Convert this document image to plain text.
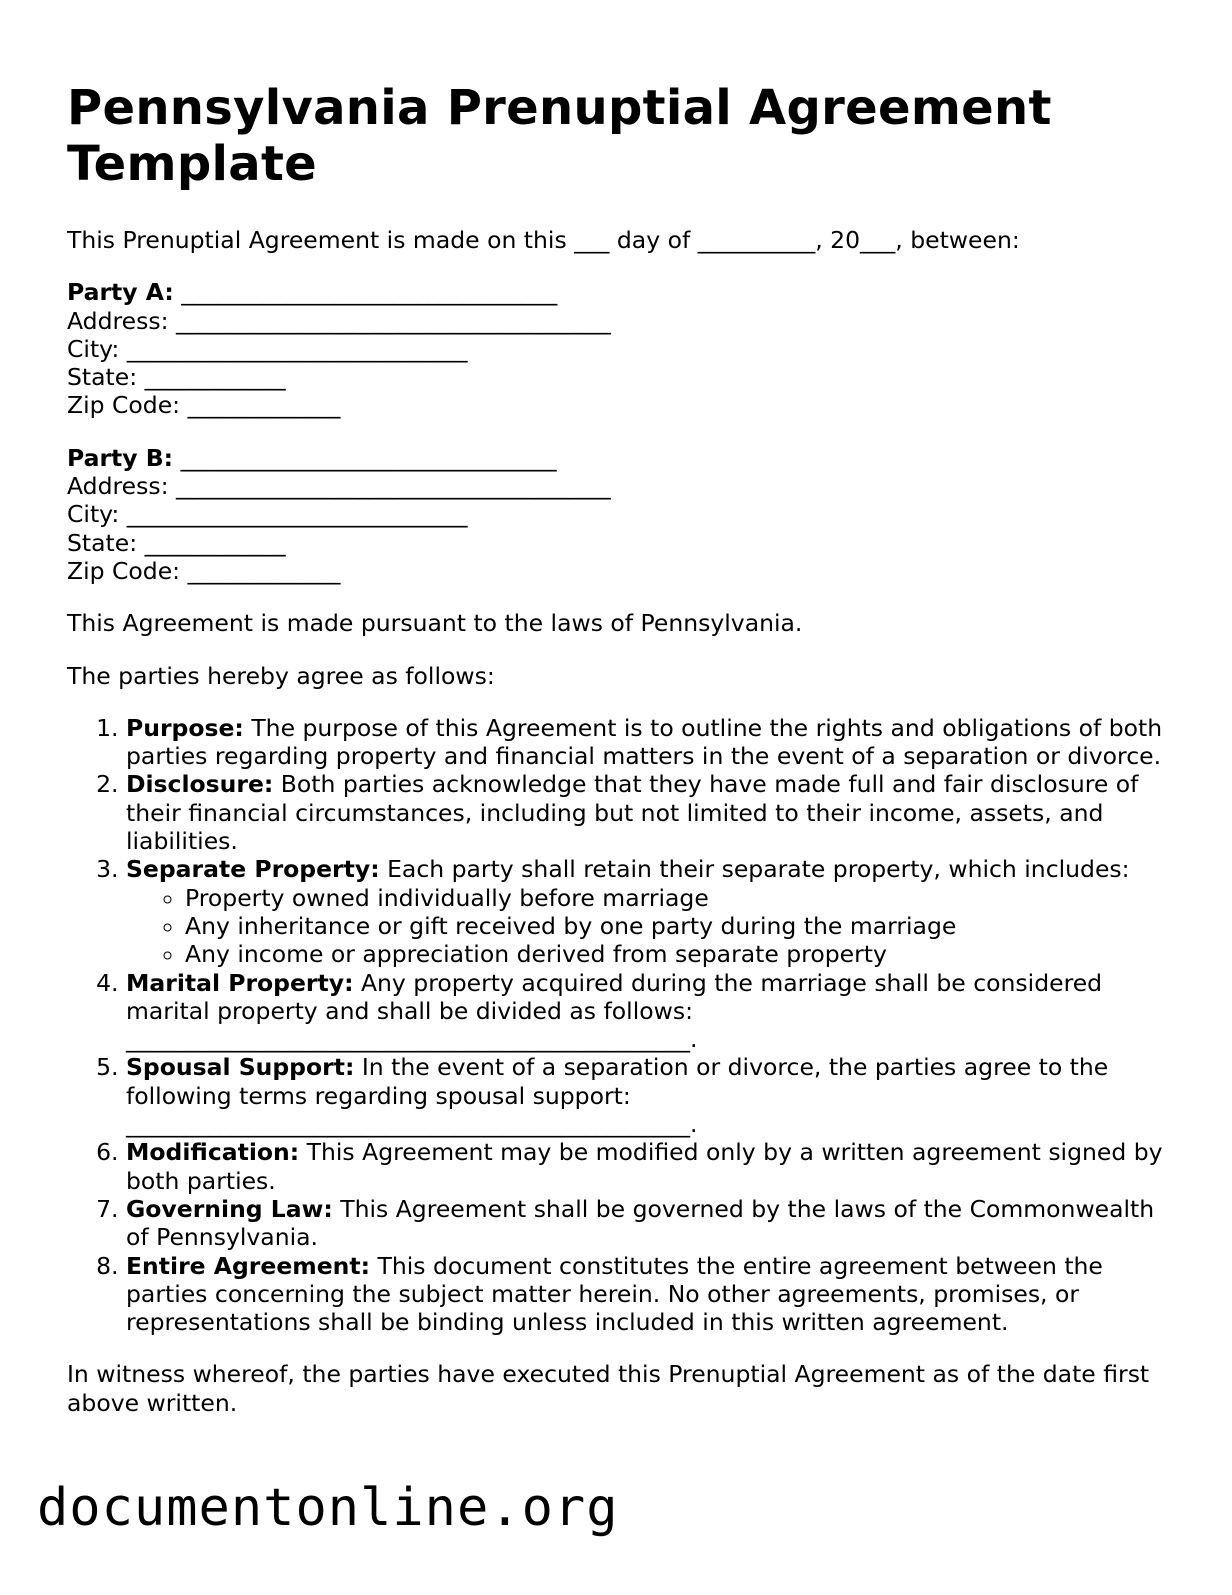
Pennsylvania Prenuptial Agreement Template

This Prenuptial Agreement is made on this ___ day of __________, 20___, between:

Party A: ________________________________
Address: _____________________________________
City: _____________________________
State: ____________
Zip Code: _____________
Party B: ________________________________
Address: _____________________________________
City: _____________________________
State: ____________
Zip Code: _____________

This Agreement is made pursuant to the laws of Pennsylvania.

The parties hereby agree as follows:

1. Purpose: The purpose of this Agreement is to outline the rights and obligations of both parties regarding property and financial matters in the event of a separation or divorce.
2. Disclosure: Both parties acknowledge that they have made full and fair disclosure of their financial circumstances, including but not limited to their income, assets, and liabilities.
3. Separate Property: Each party shall retain their separate property, which includes:
◦ Property owned individually before marriage
◦ Any inheritance or gift received by one party during the marriage
◦ Any income or appreciation derived from separate property
4. Marital Property: Any property acquired during the marriage shall be considered marital property and shall be divided as follows: ________________________________________________.
5. Spousal Support: In the event of a separation or divorce, the parties agree to the following terms regarding spousal support: ________________________________________________.
6. Modification: This Agreement may be modified only by a written agreement signed by both parties.
7. Governing Law: This Agreement shall be governed by the laws of the Commonwealth of Pennsylvania.
8. Entire Agreement: This document constitutes the entire agreement between the parties concerning the subject matter herein. No other agreements, promises, or representations shall be binding unless included in this written agreement.

In witness whereof, the parties have executed this Prenuptial Agreement as of the date first above written.

documentonline.org
